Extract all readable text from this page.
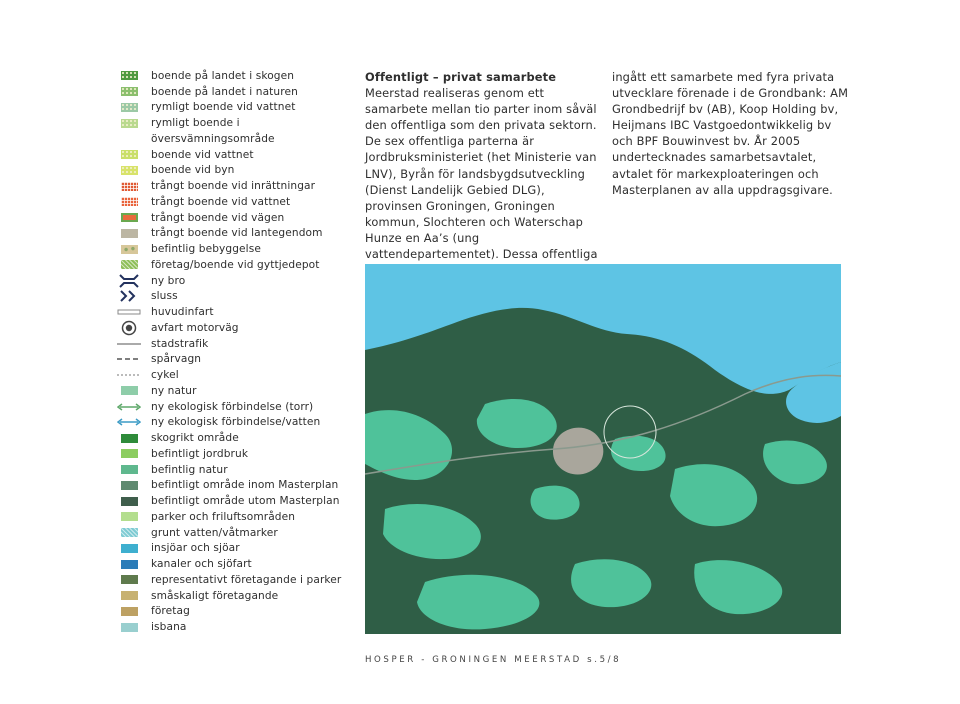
boende på landet i skogen
boende på landet i naturen
rymligt boende vid vattnet
rymligt boende i
översvämningsområde
boende vid vattnet
boende vid byn
trångt boende vid inrättningar
trångt boende vid vattnet
trångt boende vid vägen
trångt boende vid lantegendom
befintlig bebyggelse
företag/boende vid gyttjedepot
ny bro
sluss
huvudinfart
avfart motorväg
stadstrafik
spårvagn
cykel
ny natur
ny ekologisk förbindelse (torr)
ny ekologisk förbindelse/vatten
skogrikt område
befintligt jordbruk
befintlig natur
befintligt område inom Masterplan
befintligt område utom Masterplan
parker och friluftsområden
grunt vatten/våtmarker
insjöar och sjöar
kanaler och sjöfart
representativt företagande i parker
småskaligt företagande
företag
isbana
Offentligt – privat samarbete
Meerstad realiseras genom ett samarbete mellan tio parter inom såväl den offentliga som den privata sektorn. De sex offentliga parterna är Jordbruksministeriet (het Ministerie van LNV), Byrån för landsbygdsutveckling (Dienst Landelijk Gebied DLG), provinsen Groningen, Groningen kommun, Slochteren och Waterschap Hunze en Aa’s (ung vattendepartementet). Dessa offentliga
ingått ett samarbete med fyra privata utvecklare förenade i de Grondbank: AM Grondbedrijf bv (AB), Koop Holding bv, Heijmans IBC Vastgoedontwikkelig bv och BPF Bouwinvest bv. År 2005 undertecknades samarbetsavtalet, avtalet för markexploateringen och Masterplanen av alla uppdragsgivare.
HOSPER - GRONINGEN MEERSTAD s.5/8
